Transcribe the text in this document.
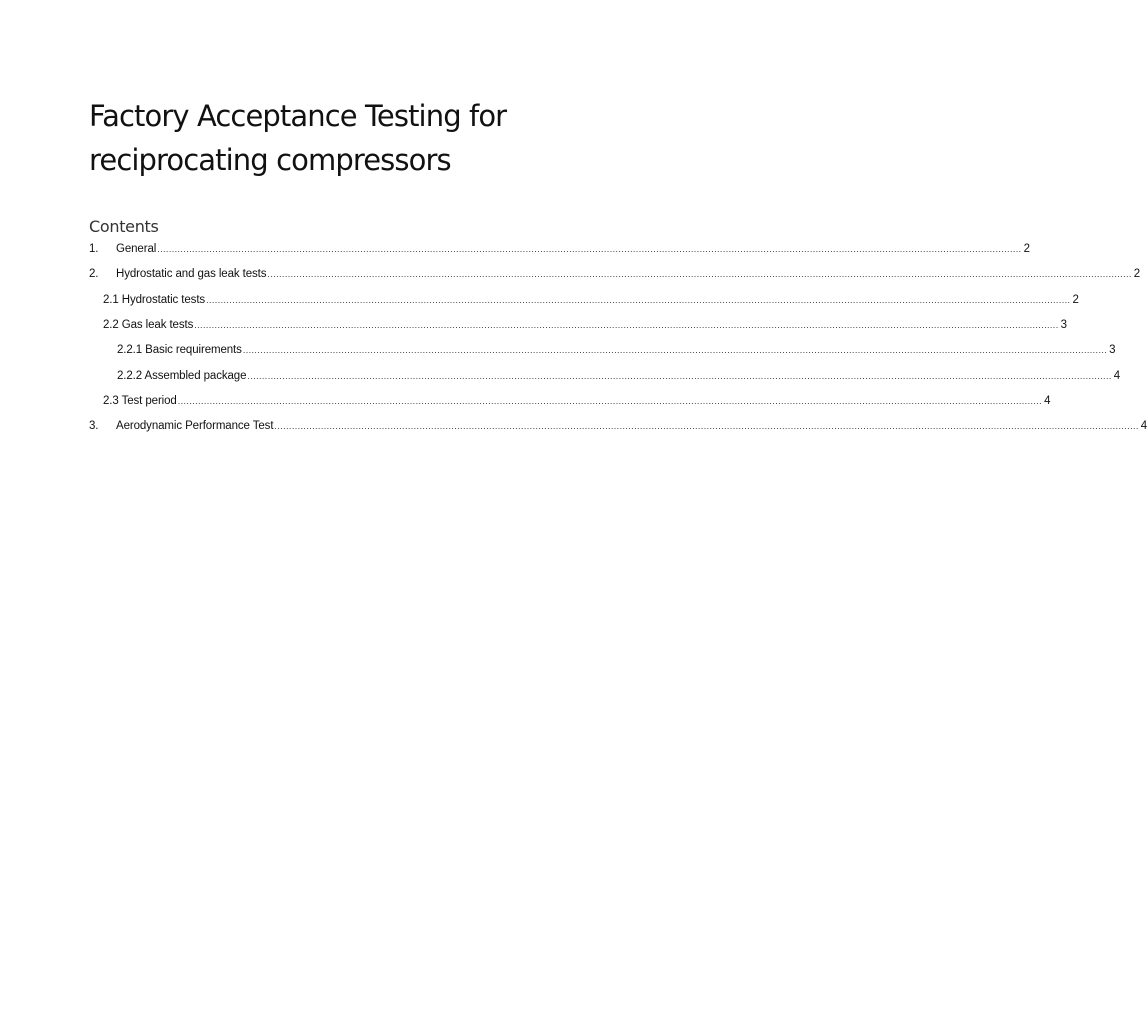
Factory Acceptance Testing for
reciprocating compressors
Contents
1.	General .......................................................................................................................................................................................................................................................................................................... 2
2.	Hydrostatic and gas leak tests .......................................................................................................................................................................................................................................................................................................... 2
2.1 Hydrostatic tests .......................................................................................................................................................................................................................................................................................................... 2
2.2 Gas leak tests .......................................................................................................................................................................................................................................................................................................... 3
2.2.1 Basic requirements .......................................................................................................................................................................................................................................................................................................... 3
2.2.2 Assembled package .......................................................................................................................................................................................................................................................................................................... 4
2.3 Test period .......................................................................................................................................................................................................................................................................................................... 4
3.	Aerodynamic Performance Test .......................................................................................................................................................................................................................................................................................................... 4
